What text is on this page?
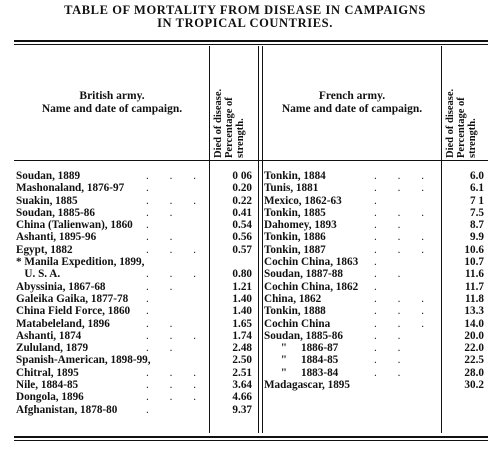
TABLE OF MORTALITY FROM DISEASE IN CAMPAIGNS
IN TROPICAL COUNTRIES.
British army.
Name and date of campaign.
French army.
Name and date of campaign.
Died of disease. Percentage of strength.	Died of disease. Percentage of strength.
Soudan, 1889	. . .	0 06
Mashonaland, 1876-97 .	0.20
Suakin, 1885	. . .	0.22
Soudan, 1885-86	. .	0.41
China (Talienwan), 1860 .	0.54
Ashanti, 1895-96	. .	0.56
Egypt, 1882	. . .	0.57
* Manila Expedition, 1899,
U. S. A.	. . .	0.80
Abyssinia, 1867-68	. .	1.21
Galeika Gaika, 1877-78 .	1.40
China Field Force, 1860 .	1.40
Matabeleland, 1896	. .	1.65
Ashanti, 1874	. . .	1.74
Zululand, 1879	. .	2.48
Spanish-American, 1898-99,	2.50
Chitral, 1895	. . .	2.51
Nile, 1884-85	. . .	3.64
Dongola, 1896	. . .	4.66
Afghanistan, 1878-80	.	9.37
Tonkin, 1884	. . .	6.0
Tunis, 1881	. . .	6.1
Mexico, 1862-63	.	7 1
Tonkin, 1885	. . .	7.5
Dahomey, 1893	. .	8.7
Tonkin, 1886	. . .	9.9
Tonkin, 1887	. . .	10.6
Cochin China, 1863 .	10.7
Soudan, 1887-88	. .	11.6
Cochin China, 1862 .	11.7
China, 1862	. . .	11.8
Tonkin, 1888	. . .	13.3
Cochin China	. . .	14.0
Soudan, 1885-86	. .	20.0
"     1886-87	. .	22.0
"     1884-85	. .	22.5
"     1883-84	. .	28.0
Madagascar, 1895	30.2
